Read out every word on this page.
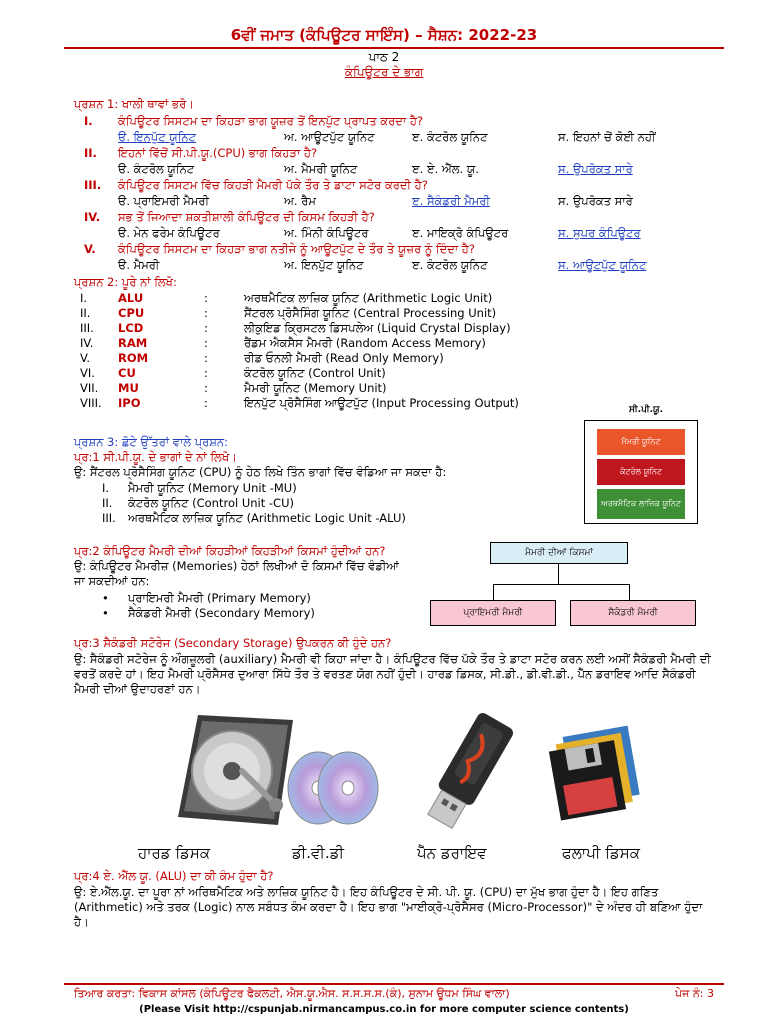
6ਵੀਂ ਜਮਾਤ (ਕੰਪਿਊਟਰ ਸਾਇੰਸ) – ਸੈਸ਼ਨ: 2022-23
ਪਾਠ 2
ਕੰਪਿਊਟਰ ਦੇ ਭਾਗ
ਪ੍ਰਸ਼ਨ 1: ਖਾਲੀ ਥਾਵਾਂ ਭਰੋ।
I. ਕੰਪਿਊਟਰ ਸਿਸਟਮ ਦਾ ਕਿਹੜਾ ਭਾਗ ਯੂਜ਼ਰ ਤੋਂ ਇਨਪੁੱਟ ਪ੍ਰਾਪਤ ਕਰਦਾ ਹੈ?
ੳ. ਇਨਪੁੱਟ ਯੂਨਿਟ	ਅ. ਆਊਟਪੁੱਟ ਯੂਨਿਟ	ੲ. ਕੰਟਰੋਲ ਯੂਨਿਟ	ਸ. ਇਹਨਾਂ ਚੋਂ ਕੋਈ ਨਹੀਂ
II. ਇਹਨਾਂ ਵਿੱਚੋਂ ਸੀ.ਪੀ.ਯੂ.(CPU) ਭਾਗ ਕਿਹੜਾ ਹੈ?
ੳ. ਕੰਟਰੋਲ ਯੂਨਿਟ	ਅ. ਮੈਮਰੀ ਯੂਨਿਟ	ੲ. ਏ. ਐੱਲ. ਯੂ.	ਸ. ਉਪਰੋਕਤ ਸਾਰੇ
III. ਕੰਪਿਊਟਰ ਸਿਸਟਮ ਵਿੱਚ ਕਿਹੜੀ ਮੈਮਰੀ ਪੱਕੇ ਤੌਰ ਤੇ ਡਾਟਾ ਸਟੋਰ ਕਰਦੀ ਹੈ?
ੳ. ਪ੍ਰਾਇਮਰੀ ਮੈਮਰੀ	ਅ. ਰੈਮ	ੲ. ਸੈਕੰਡਰੀ ਮੈਮਰੀ	ਸ. ਉਪਰੋਕਤ ਸਾਰੇ
IV. ਸਭ ਤੋਂ ਜਿਆਦਾ ਸ਼ਕਤੀਸ਼ਾਲੀ ਕੰਪਿਊਟਰ ਦੀ ਕਿਸਮ ਕਿਹੜੀ ਹੈ?
ੳ. ਮੇਨ ਫਰੇਮ ਕੰਪਿਊਟਰ	ਅ. ਮਿੰਨੀ ਕੰਪਿਊਟਰ	ੲ. ਮਾਇਕ੍ਰੋ ਕੰਪਿਊਟਰ	ਸ. ਸੁਪਰ ਕੰਪਿਊਟਰ
V. ਕੰਪਿਊਟਰ ਸਿਸਟਮ ਦਾ ਕਿਹੜਾ ਭਾਗ ਨਤੀਜੇ ਨੂੰ ਆਊਟਪੁੱਟ ਦੇ ਤੌਰ ਤੇ ਯੂਜ਼ਰ ਨੂੰ ਦਿੰਦਾ ਹੈ?
ੳ. ਮੈਮਰੀ	ਅ. ਇਨਪੁੱਟ ਯੂਨਿਟ	ੲ. ਕੰਟਰੋਲ ਯੂਨਿਟ	ਸ. ਆਊਟਪੁੱਟ ਯੂਨਿਟ
ਪ੍ਰਸ਼ਨ 2: ਪੂਰੇ ਨਾਂ ਲਿਖੋ:
I.	ALU	:	ਅਰਥਮੈਟਿਕ ਲਾਜ਼ਿਕ ਯੂਨਿਟ (Arithmetic Logic Unit)
II. CPU	:	ਸੈਂਟਰਲ ਪ੍ਰੋਸੈਸਿੰਗ ਯੂਨਿਟ (Central Processing Unit)
III. LCD	:	ਲੀਕੁਇਡ ਕ੍ਰਿਸਟਲ ਡਿਸਪਲੇਅ (Liquid Crystal Display)
IV. RAM	:	ਰੈਂਡਮ ਐਕਸੈਸ ਮੈਮਰੀ (Random Access Memory)
V. ROM	:	ਰੀਡ ਓਨਲੀ ਮੈਮਰੀ (Read Only Memory)
VI. CU	:	ਕੰਟਰੋਲ ਯੂਨਿਟ (Control Unit)
VII. MU	:	ਮੈਮਰੀ ਯੂਨਿਟ (Memory Unit)
VIII. IPO	:	ਇਨਪੁੱਟ ਪ੍ਰੋਸੈਸਿੰਗ ਆਊਟਪੁੱਟ (Input Processing Output)
ਪ੍ਰਸ਼ਨ 3: ਛੋਟੇ ਉੱਤਰਾਂ ਵਾਲੇ ਪ੍ਰਸ਼ਨ:
ਪ੍ਰ:1 ਸੀ.ਪੀ.ਯੂ. ਦੇ ਭਾਗਾਂ ਦੇ ਨਾਂ ਲਿਖੋ।
ਉ: ਸੈਂਟਰਲ ਪ੍ਰੋਸੈਸਿੰਗ ਯੂਨਿਟ (CPU) ਨੂੰ ਹੇਠ ਲਿਖੇ ਤਿੰਨ ਭਾਗਾਂ ਵਿੱਚ ਵੰਡਿਆ ਜਾ ਸਕਦਾ ਹੈ:
I. ਮੈਮਰੀ ਯੂਨਿਟ (Memory Unit -MU)
II. ਕੰਟਰੋਲ ਯੂਨਿਟ (Control Unit -CU)
III. ਅਰਥਮੈਟਿਕ ਲਾਜ਼ਿਕ ਯੂਨਿਟ (Arithmetic Logic Unit -ALU)
ਸੀ.ਪੀ.ਯੂ.
ਮੈਮਰੀ ਯੂਨਿਟ
ਕੰਟਰੋਲ ਯੂਨਿਟ
ਅਰਥਮੈਟਿਕ ਲਾਜ਼ਿਕ ਯੂਨਿਟ
ਪ੍ਰ:2 ਕੰਪਿਊਟਰ ਮੈਮਰੀ ਦੀਆਂ ਕਿਹੜੀਆਂ ਕਿਹੜੀਆਂ ਕਿਸਮਾਂ ਹੁੰਦੀਆਂ ਹਨ?
ਉ: ਕੰਪਿਊਟਰ ਮੈਮਰੀਜ਼ (Memories) ਹੇਠਾਂ ਲਿਖੀਆਂ ਦੋ ਕਿਸਮਾਂ ਵਿੱਚ ਵੰਡੀਆਂ
ਜਾ ਸਕਦੀਆਂ ਹਨ:
• ਪ੍ਰਾਇਮਰੀ ਮੈਮਰੀ (Primary Memory)
• ਸੈਕੰਡਰੀ ਮੈਮਰੀ (Secondary Memory)
ਮੈਮਰੀ ਦੀਆਂ ਕਿਸਮਾਂ
ਪ੍ਰਾਇਮਰੀ ਮੈਮਰੀ	ਸੈਕੰਡਰੀ ਮੈਮਰੀ
ਪ੍ਰ:3 ਸੈਕੰਡਰੀ ਸਟੋਰੇਜ (Secondary Storage) ਉਪਕਰਨ ਕੀ ਹੁੰਦੇ ਹਨ?
ਉ: ਸੈਕੰਡਰੀ ਸਟੋਰੇਜ ਨੂੰ ਔਗਜ਼ੂਲਰੀ (auxiliary) ਮੈਮਰੀ ਵੀ ਕਿਹਾ ਜਾਂਦਾ ਹੈ। ਕੰਪਿਊਟਰ ਵਿੱਚ ਪੱਕੇ ਤੌਰ ਤੇ ਡਾਟਾ ਸਟੋਰ ਕਰਨ ਲਈ ਅਸੀਂ ਸੈਕੰਡਰੀ ਮੈਮਰੀ ਦੀ ਵਰਤੋਂ ਕਰਦੇ ਹਾਂ। ਇਹ ਮੈਮਰੀ ਪ੍ਰੋਸੈਸਰ ਦੁਆਰਾ ਸਿੱਧੇ ਤੌਰ ਤੇ ਵਰਤਣ ਯੋਗ ਨਹੀਂ ਹੁੰਦੀ। ਹਾਰਡ ਡਿਸਕ, ਸੀ.ਡੀ., ਡੀ.ਵੀ.ਡੀ., ਪੈੱਨ ਡਰਾਇਵ ਆਦਿ ਸੈਕੰਡਰੀ ਮੈਮਰੀ ਦੀਆਂ ਉਦਾਹਰਣਾਂ ਹਨ।
ਹਾਰਡ ਡਿਸਕ	ਡੀ.ਵੀ.ਡੀ	ਪੈੱਨ ਡਰਾਇਵ	ਫਲਾਪੀ ਡਿਸਕ
ਪ੍ਰ:4 ਏ. ਐੱਲ ਯੂ. (ALU) ਦਾ ਕੀ ਕੰਮ ਹੁੰਦਾ ਹੈ?
ਉ: ਏ.ਐੱਲ.ਯੂ. ਦਾ ਪੂਰਾ ਨਾਂ ਅਰਿਥਮੈਟਿਕ ਅਤੇ ਲਾਜ਼ਿਕ ਯੂਨਿਟ ਹੈ। ਇਹ ਕੰਪਿਊਟਰ ਦੇ ਸੀ. ਪੀ. ਯੂ. (CPU) ਦਾ ਮੁੱਖ ਭਾਗ ਹੁੰਦਾ ਹੈ। ਇਹ ਗਣਿਤ (Arithmetic) ਅਤੇ ਤਰਕ (Logic) ਨਾਲ ਸਬੰਧਤ ਕੰਮ ਕਰਦਾ ਹੈ। ਇਹ ਭਾਗ "ਮਾਈਕ੍ਰੋ-ਪ੍ਰੋਸੈਸਰ (Micro-Processor)" ਦੇ ਅੰਦਰ ਹੀ ਬਣਿਆ ਹੁੰਦਾ ਹੈ।
ਤਿਆਰ ਕਰਤਾ: ਵਿਕਾਸ ਕਾਂਸਲ (ਕੰਪਿਊਟਰ ਫੈਕਲਟੀ, ਐਸ.ਯੂ.ਐਸ. ਸ.ਸ.ਸ.ਸ.(ਕੰ), ਸੁਨਾਮ ਊਧਮ ਸਿੰਘ ਵਾਲਾ)	ਪੇਜ ਨੰ: 3
(Please Visit http://cspunjab.nirmancampus.co.in for more computer science contents)
